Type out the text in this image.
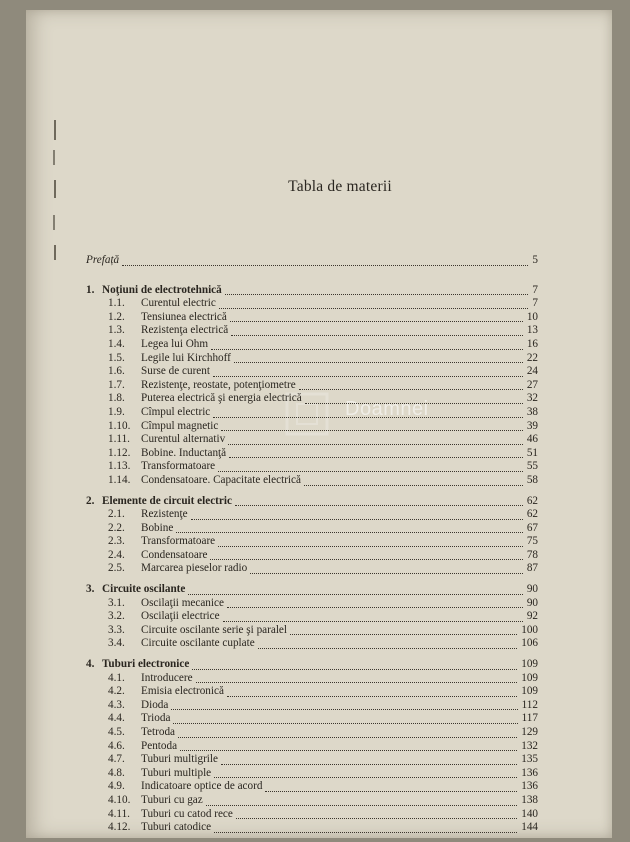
Tabla de materii
Doamnei
Prefață	5
1. Noţiuni de electrotehnică	7
1.1. Curentul electric	7
1.2. Tensiunea electrică	10
1.3. Rezistenţa electrică	13
1.4. Legea lui Ohm	16
1.5. Legile lui Kirchhoff	22
1.6. Surse de curent	24
1.7. Rezistenţe, reostate, potenţiometre	27
1.8. Puterea electrică şi energia electrică	32
1.9. Cîmpul electric	38
1.10. Cîmpul magnetic	39
1.11. Curentul alternativ	46
1.12. Bobine. Inductanţă	51
1.13. Transformatoare	55
1.14. Condensatoare. Capacitate electrică	58
2. Elemente de circuit electric	62
2.1. Rezistenţe	62
2.2. Bobine	67
2.3. Transformatoare	75
2.4. Condensatoare	78
2.5. Marcarea pieselor radio	87
3. Circuite oscilante	90
3.1. Oscilaţii mecanice	90
3.2. Oscilaţii electrice	92
3.3. Circuite oscilante serie şi paralel	100
3.4. Circuite oscilante cuplate	106
4. Tuburi electronice	109
4.1. Introducere	109
4.2. Emisia electronică	109
4.3. Dioda	112
4.4. Trioda	117
4.5. Tetroda	129
4.6. Pentoda	132
4.7. Tuburi multigrile	135
4.8. Tuburi multiple	136
4.9. Indicatoare optice de acord	136
4.10. Tuburi cu gaz	138
4.11. Tuburi cu catod rece	140
4.12. Tuburi catodice	144
